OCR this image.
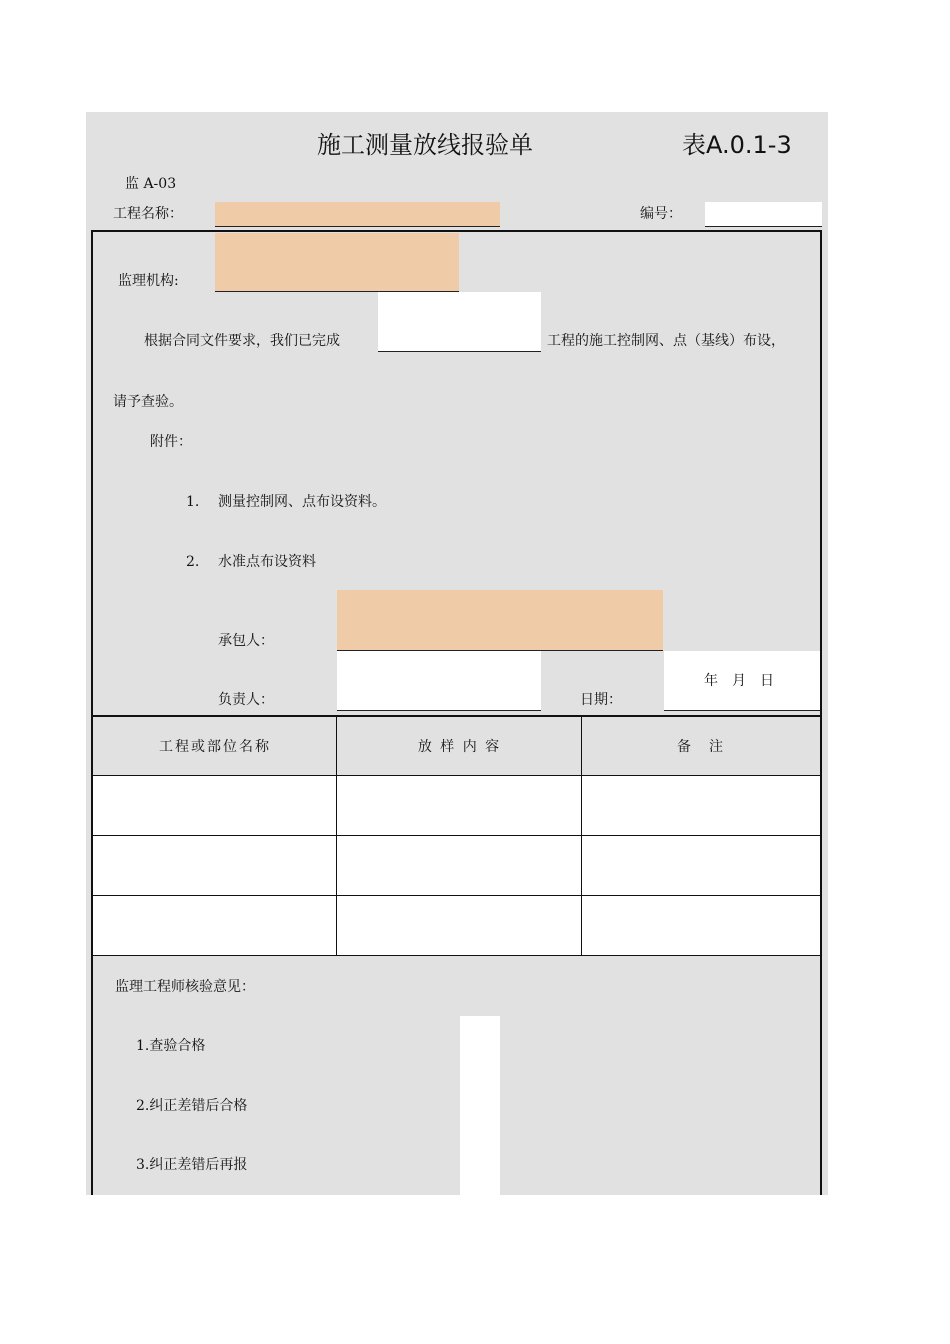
施工测量放线报验单	表A.0.1-3
监 A-03
工程名称：	编号：
监理机构:
根据合同文件要求，我们已完成	工程的施工控制网、点（基线）布设，
请予查验。
附件：
1. 测量控制网、点布设资料。
2. 水准点布设资料
承包人：
负责人：	日期：
年　月　日
工程或部位名称	放 样 内 容	备　注
监理工程师核验意见：
1.查验合格
2.纠正差错后合格
3.纠正差错后再报
